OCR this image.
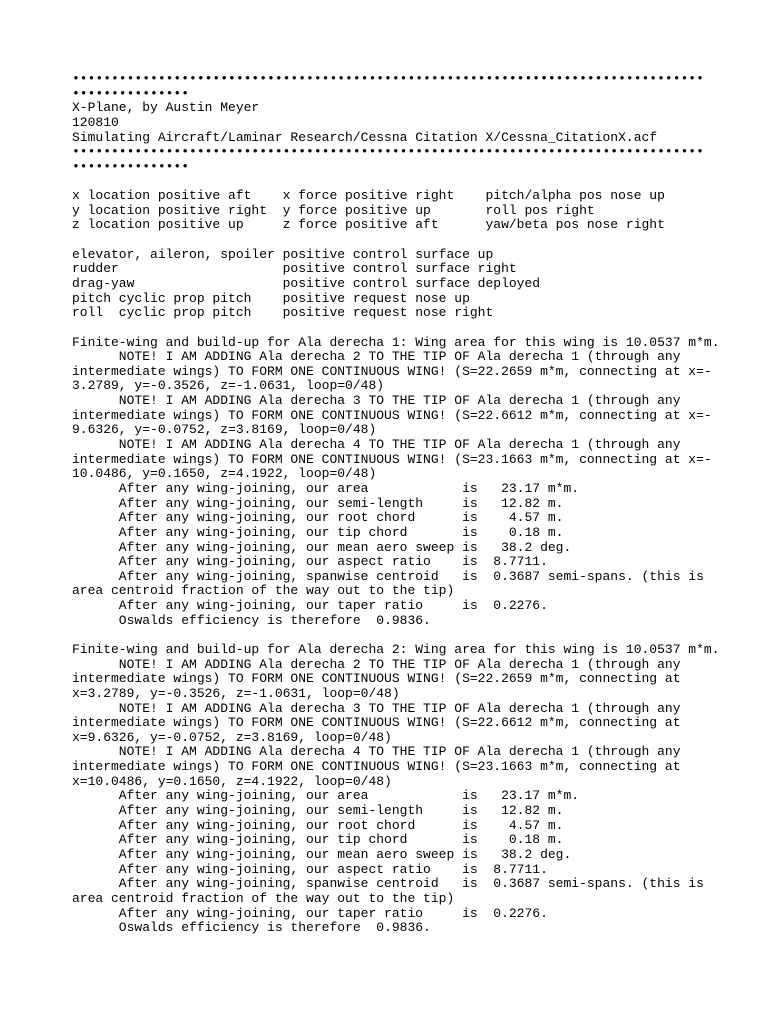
•••••••••••••••••••••••••••••••••••••••••••••••••••••••••••••••••••••••••••••••••
•••••••••••••••
X-Plane, by Austin Meyer
120810
Simulating Aircraft/Laminar Research/Cessna Citation X/Cessna_CitationX.acf
•••••••••••••••••••••••••••••••••••••••••••••••••••••••••••••••••••••••••••••••••
•••••••••••••••
x location positive aft    x force positive right    pitch/alpha pos nose up
y location positive right  y force positive up       roll pos right
z location positive up     z force positive aft      yaw/beta pos nose right
elevator, aileron, spoiler positive control surface up
rudder                     positive control surface right
drag-yaw                   positive control surface deployed
pitch cyclic prop pitch    positive request nose up
roll  cyclic prop pitch    positive request nose right
Finite-wing and build-up for Ala derecha 1: Wing area for this wing is 10.0537 m*m.
NOTE! I AM ADDING Ala derecha 2 TO THE TIP OF Ala derecha 1 (through any
intermediate wings) TO FORM ONE CONTINUOUS WING! (S=22.2659 m*m, connecting at x=-
3.2789, y=-0.3526, z=-1.0631, loop=0/48)
NOTE! I AM ADDING Ala derecha 3 TO THE TIP OF Ala derecha 1 (through any
intermediate wings) TO FORM ONE CONTINUOUS WING! (S=22.6612 m*m, connecting at x=-
9.6326, y=-0.0752, z=3.8169, loop=0/48)
NOTE! I AM ADDING Ala derecha 4 TO THE TIP OF Ala derecha 1 (through any
intermediate wings) TO FORM ONE CONTINUOUS WING! (S=23.1663 m*m, connecting at x=-
10.0486, y=0.1650, z=4.1922, loop=0/48)
After any wing-joining, our area            is   23.17 m*m.
After any wing-joining, our semi-length     is   12.82 m.
After any wing-joining, our root chord      is    4.57 m.
After any wing-joining, our tip chord       is    0.18 m.
After any wing-joining, our mean aero sweep is   38.2 deg.
After any wing-joining, our aspect ratio    is  8.7711.
After any wing-joining, spanwise centroid   is  0.3687 semi-spans. (this is
area centroid fraction of the way out to the tip)
After any wing-joining, our taper ratio     is  0.2276.
Oswalds efficiency is therefore  0.9836.
Finite-wing and build-up for Ala derecha 2: Wing area for this wing is 10.0537 m*m.
NOTE! I AM ADDING Ala derecha 2 TO THE TIP OF Ala derecha 1 (through any
intermediate wings) TO FORM ONE CONTINUOUS WING! (S=22.2659 m*m, connecting at
x=3.2789, y=-0.3526, z=-1.0631, loop=0/48)
NOTE! I AM ADDING Ala derecha 3 TO THE TIP OF Ala derecha 1 (through any
intermediate wings) TO FORM ONE CONTINUOUS WING! (S=22.6612 m*m, connecting at
x=9.6326, y=-0.0752, z=3.8169, loop=0/48)
NOTE! I AM ADDING Ala derecha 4 TO THE TIP OF Ala derecha 1 (through any
intermediate wings) TO FORM ONE CONTINUOUS WING! (S=23.1663 m*m, connecting at
x=10.0486, y=0.1650, z=4.1922, loop=0/48)
After any wing-joining, our area            is   23.17 m*m.
After any wing-joining, our semi-length     is   12.82 m.
After any wing-joining, our root chord      is    4.57 m.
After any wing-joining, our tip chord       is    0.18 m.
After any wing-joining, our mean aero sweep is   38.2 deg.
After any wing-joining, our aspect ratio    is  8.7711.
After any wing-joining, spanwise centroid   is  0.3687 semi-spans. (this is
area centroid fraction of the way out to the tip)
After any wing-joining, our taper ratio     is  0.2276.
Oswalds efficiency is therefore  0.9836.
